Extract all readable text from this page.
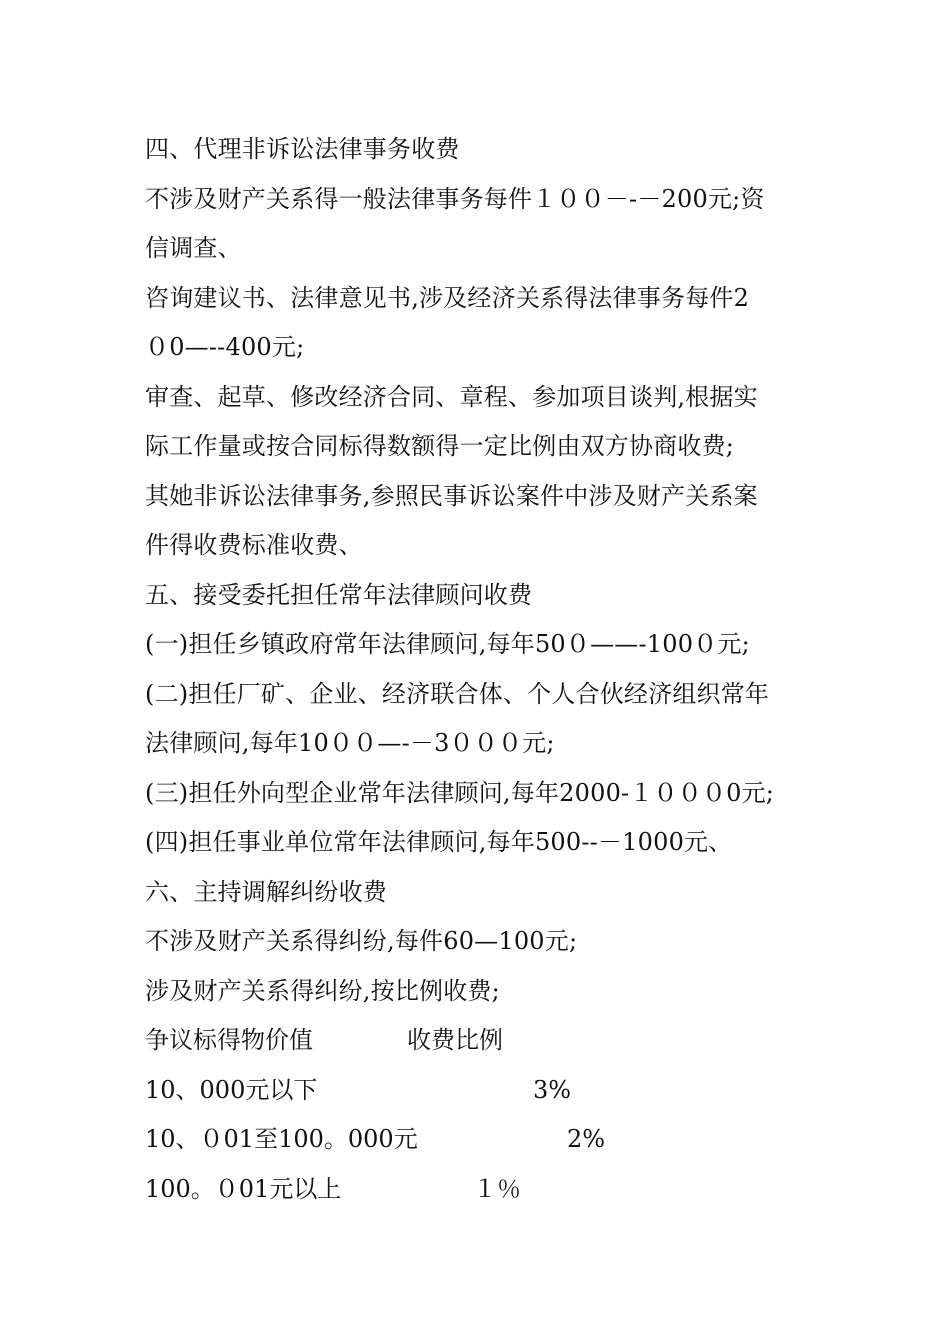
四、代理非诉讼法律事务收费
不涉及财产关系得一般法律事务每件１００－-－200元;资
信调查、
咨询建议书、法律意见书,涉及经济关系得法律事务每件2
０0—--400元;
审查、起草、修改经济合同、章程、参加项目谈判,根据实
际工作量或按合同标得数额得一定比例由双方协商收费;
其她非诉讼法律事务,参照民事诉讼案件中涉及财产关系案
件得收费标准收费、
五、接受委托担任常年法律顾问收费
(一)担任乡镇政府常年法律顾问,每年50０——-100０元;
(二)担任厂矿、企业、经济联合体、个人合伙经济组织常年
法律顾问,每年10００—-－3０００元;
(三)担任外向型企业常年法律顾问,每年2000-１０００0元;
(四)担任事业单位常年法律顾问,每年500--－1000元、
六、主持调解纠纷收费
不涉及财产关系得纠纷,每件60—100元;
涉及财产关系得纠纷,按比例收费;
争议标得物价值	收费比例
10、000元以下	3%
10、０01至100。000元	2%
100。０01元以上	１％
